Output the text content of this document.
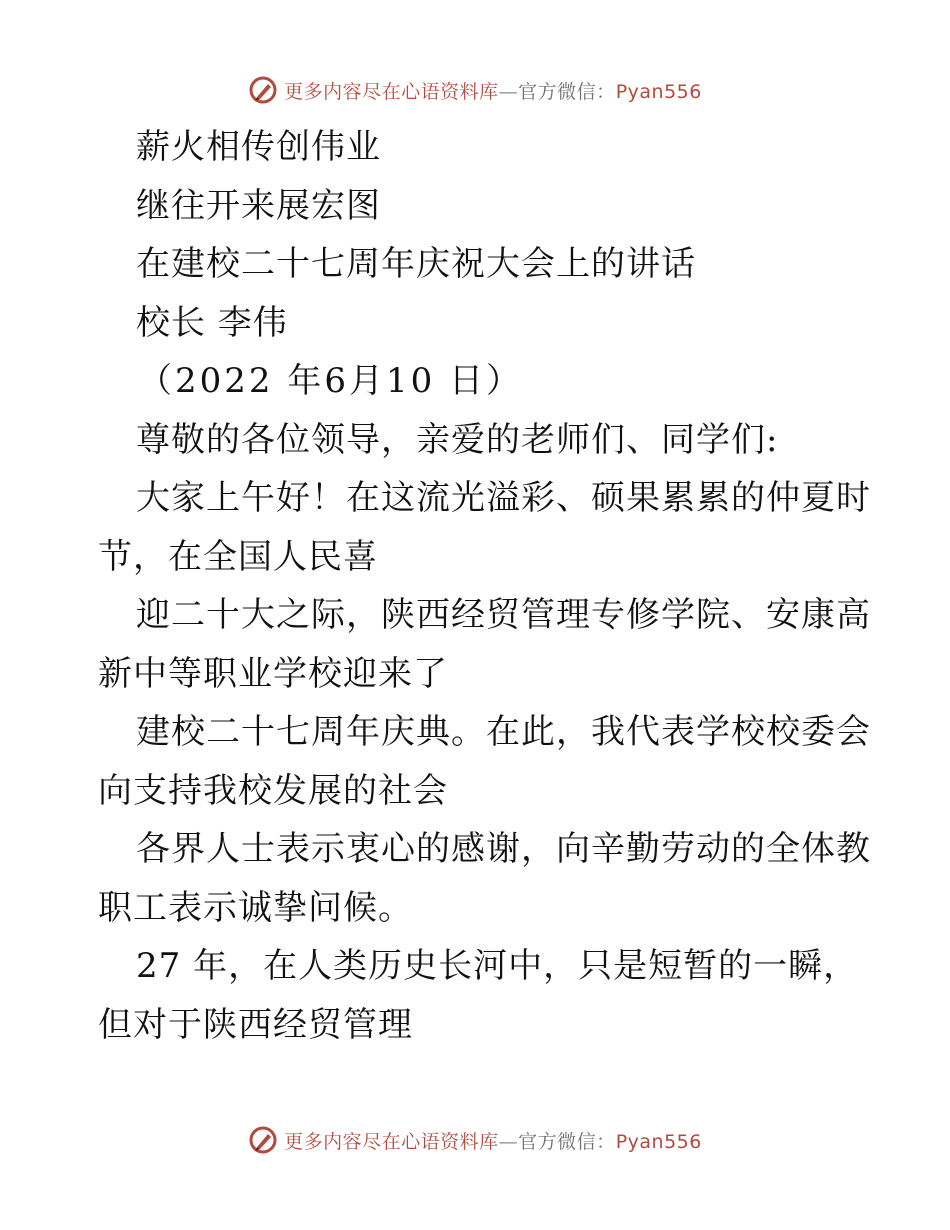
更多内容尽在心语资料库—官方微信：Pyan556
薪火相传创伟业
继往开来展宏图
在建校二十七周年庆祝大会上的讲话
校长 李伟
（2022 年6月10 日）
尊敬的各位领导，亲爱的老师们、同学们:
大家上午好！在这流光溢彩、硕果累累的仲夏时
节，在全国人民喜
迎二十大之际，陕西经贸管理专修学院、安康高
新中等职业学校迎来了
建校二十七周年庆典。在此，我代表学校校委会
向支持我校发展的社会
各界人士表示衷心的感谢，向辛勤劳动的全体教
职工表示诚挚问候。
27 年，在人类历史长河中，只是短暂的一瞬，
但对于陕西经贸管理
更多内容尽在心语资料库—官方微信：Pyan556
